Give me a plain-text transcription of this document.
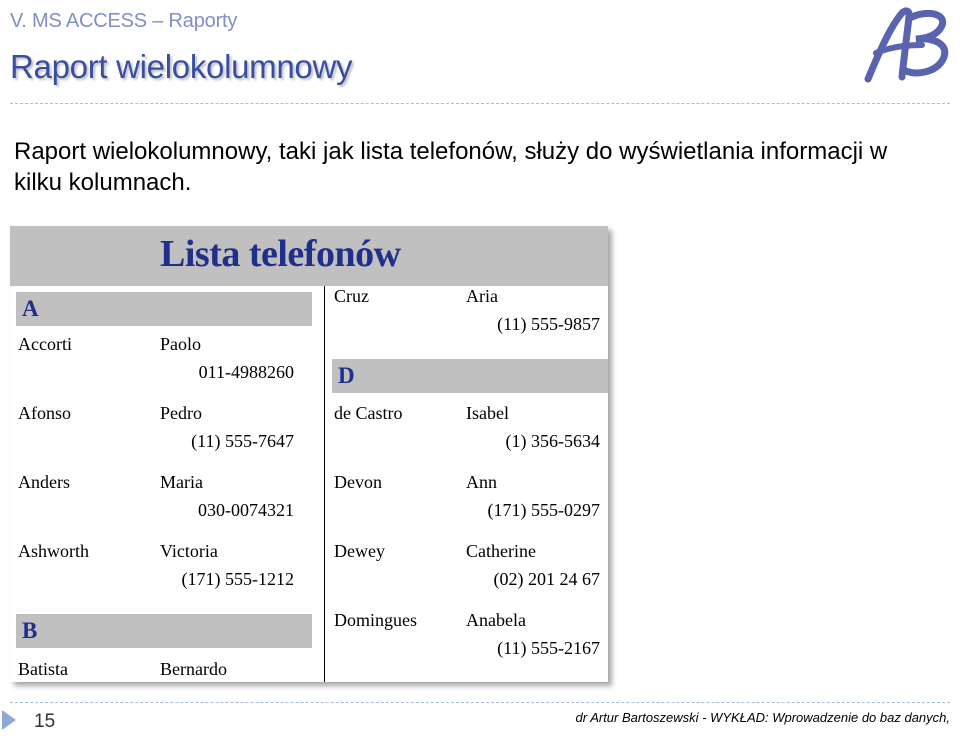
V. MS ACCESS – Raporty
Raport wielokolumnowy
Raport wielokolumnowy, taki jak lista telefonów, służy do wyświetlania informacji w kilku kolumnach.
Lista telefonów
A
Accorti	Paolo
011-4988260
Afonso	Pedro
(11) 555-7647
Anders	Maria
030-0074321
Ashworth	Victoria
(171) 555-1212
B
Batista	Bernardo
Cruz	Aria
(11) 555-9857
D
de Castro	Isabel
(1) 356-5634
Devon	Ann
(171) 555-0297
Dewey	Catherine
(02) 201 24 67
Domingues	Anabela
(11) 555-2167
15	dr Artur Bartoszewski - WYKŁAD: Wprowadzenie do baz danych,
